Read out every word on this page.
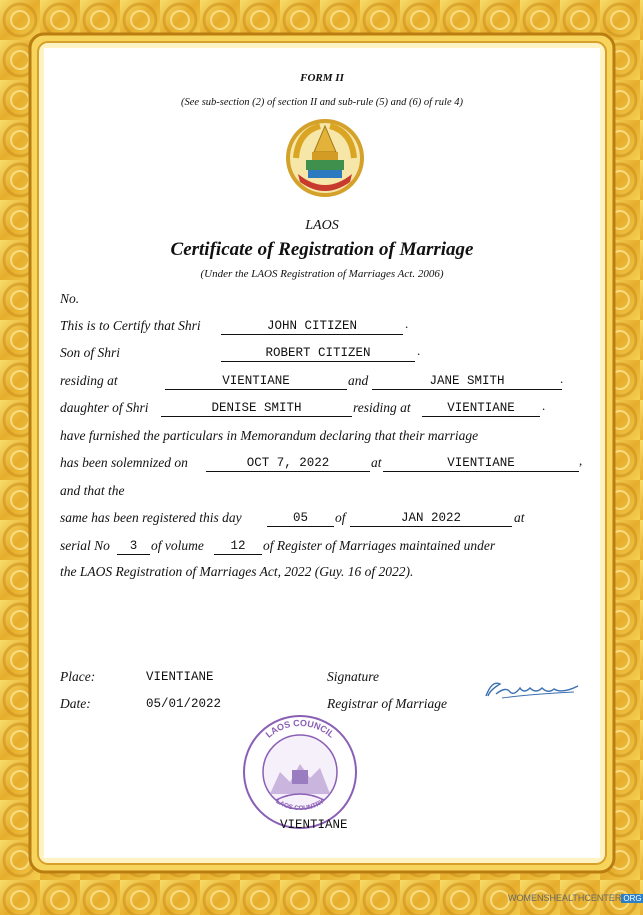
FORM II
(See sub-section (2) of section II and sub-rule (5) and (6) of rule 4)
LAOS
Certificate of Registration of Marriage
(Under the LAOS Registration of Marriages Act. 2006)
No.
This is to Certify that Shri	JOHN CITIZEN	.
Son of Shri	ROBERT CITIZEN	.
residing at	VIENTIANE	and	JANE SMITH	.
daughter of Shri	DENISE SMITH	residing at	VIENTIANE	.
have furnished the particulars in Memorandum declaring that their marriage
has been solemnized on	OCT 7, 2022	at	VIENTIANE	,
and that the
same has been registered this day	05	of	JAN 2022	at
serial No	3	of volume	12	of Register of Marriages maintained under
the LAOS Registration of Marriages Act, 2022 (Guy. 16 of 2022).
Place:	VIENTIANE	Signature
Date:	05/01/2022	Registrar of Marriage
LAOS COUNCIL
LAOS COUNTRY
VIENTIANE
WOMENSHEALTHCENTER ORG
